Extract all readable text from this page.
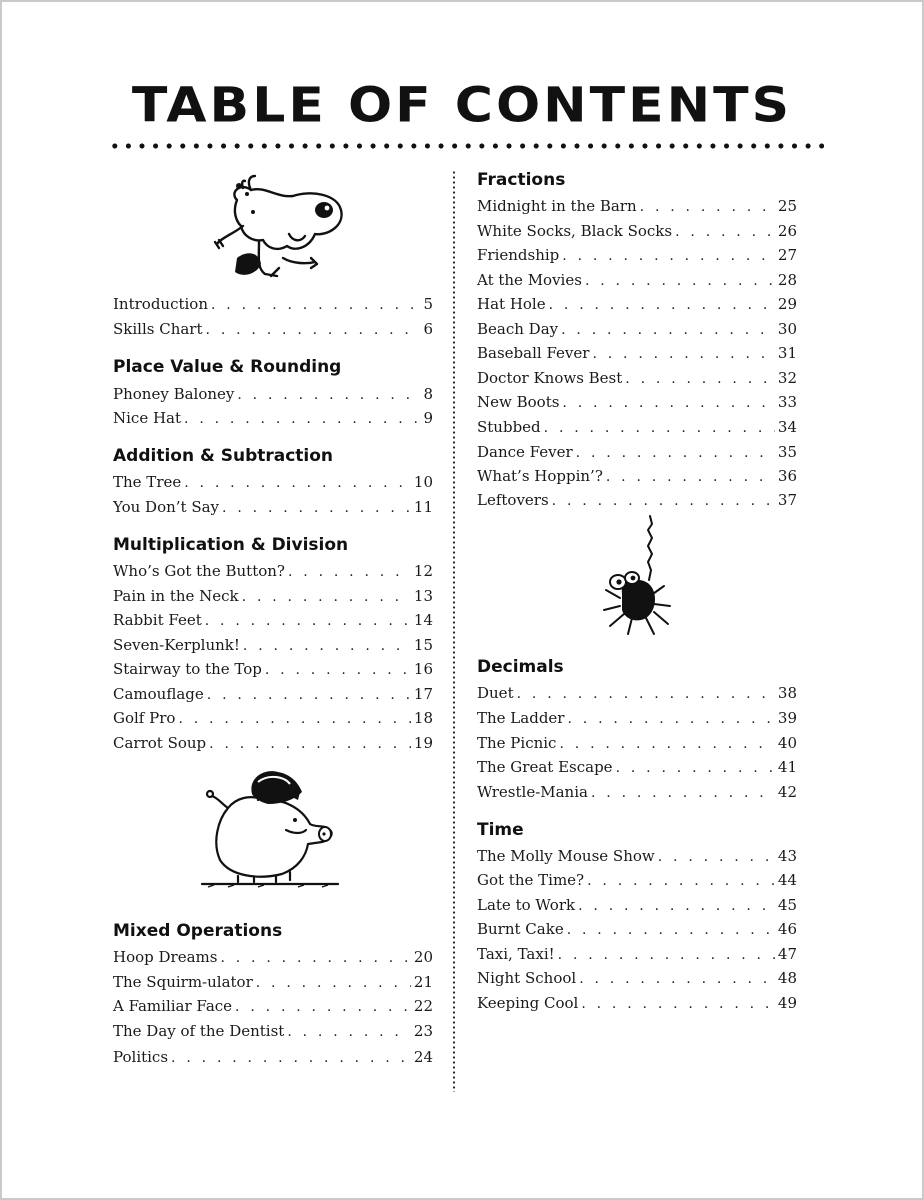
TABLE OF CONTENTS
Introduction . . .	5
Skills Chart . . .	6
Place Value & Rounding
Phoney Baloney . . .	8
Nice Hat . . .	9
Addition & Subtraction
The Tree . . .	10
You Don’t Say . . .	11
Multiplication & Division
Who’s Got the Button? . . .	12
Pain in the Neck . . .	13
Rabbit Feet . . .	14
Seven-Kerplunk! . . .	15
Stairway to the Top . . .	16
Camouflage . . .	17
Golf Pro . . .	18
Carrot Soup . . .	19
Mixed Operations
Hoop Dreams . . .	20
The Squirm-ulator . . .	21
A Familiar Face . . .	22
The Day of the Dentist . . .	23
Politics . . .	24
Fractions
Midnight in the Barn . . .	25
White Socks, Black Socks . . .	26
Friendship . . .	27
At the Movies . . .	28
Hat Hole . . .	29
Beach Day . . .	30
Baseball Fever . . .	31
Doctor Knows Best . . .	32
New Boots . . .	33
Stubbed . . .	34
Dance Fever . . .	35
What’s Hoppin’? . . .	36
Leftovers . . .	37
Decimals
Duet . . .	38
The Ladder . . .	39
The Picnic . . .	40
The Great Escape . . .	41
Wrestle-Mania . . .	42
Time
The Molly Mouse Show . . .	43
Got the Time? . . .	44
Late to Work . . .	45
Burnt Cake . . .	46
Taxi, Taxi! . . .	47
Night School . . .	48
Keeping Cool . . .	49
